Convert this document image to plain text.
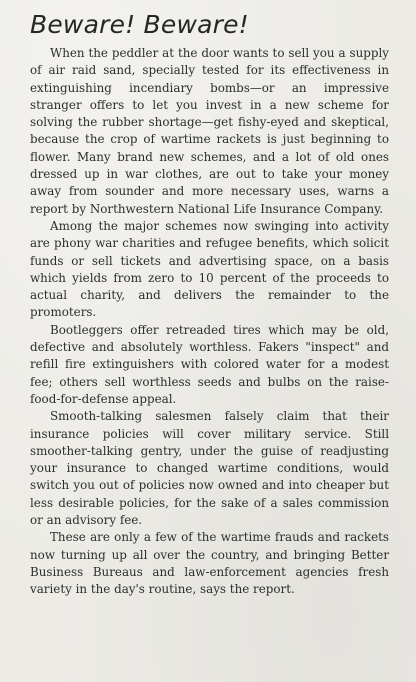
Beware! Beware!

When the peddler at the door wants to sell you a supply of air raid sand, specially tested for its effectiveness in extinguishing incendiary bombs—or an impressive stranger offers to let you invest in a new scheme for solving the rubber shortage—get fishy-eyed and skeptical, because the crop of wartime rackets is just beginning to flower. Many brand new schemes, and a lot of old ones dressed up in war clothes, are out to take your money away from sounder and more necessary uses, warns a report by Northwestern National Life Insurance Company.

Among the major schemes now swinging into activity are phony war charities and refugee benefits, which solicit funds or sell tickets and advertising space, on a basis which yields from zero to 10 percent of the proceeds to actual charity, and delivers the remainder to the promoters.

Bootleggers offer retreaded tires which may be old, defective and absolutely worthless. Fakers "inspect" and refill fire extinguishers with colored water for a modest fee; others sell worthless seeds and bulbs on the raise-food-for-defense appeal.

Smooth-talking salesmen falsely claim that their insurance policies will cover military service. Still smoother-talking gentry, under the guise of readjusting your insurance to changed wartime conditions, would switch you out of policies now owned and into cheaper but less desirable policies, for the sake of a sales commission or an advisory fee.

These are only a few of the wartime frauds and rackets now turning up all over the country, and bringing Better Business Bureaus and law-enforcement agencies fresh variety in the day's routine, says the report.
